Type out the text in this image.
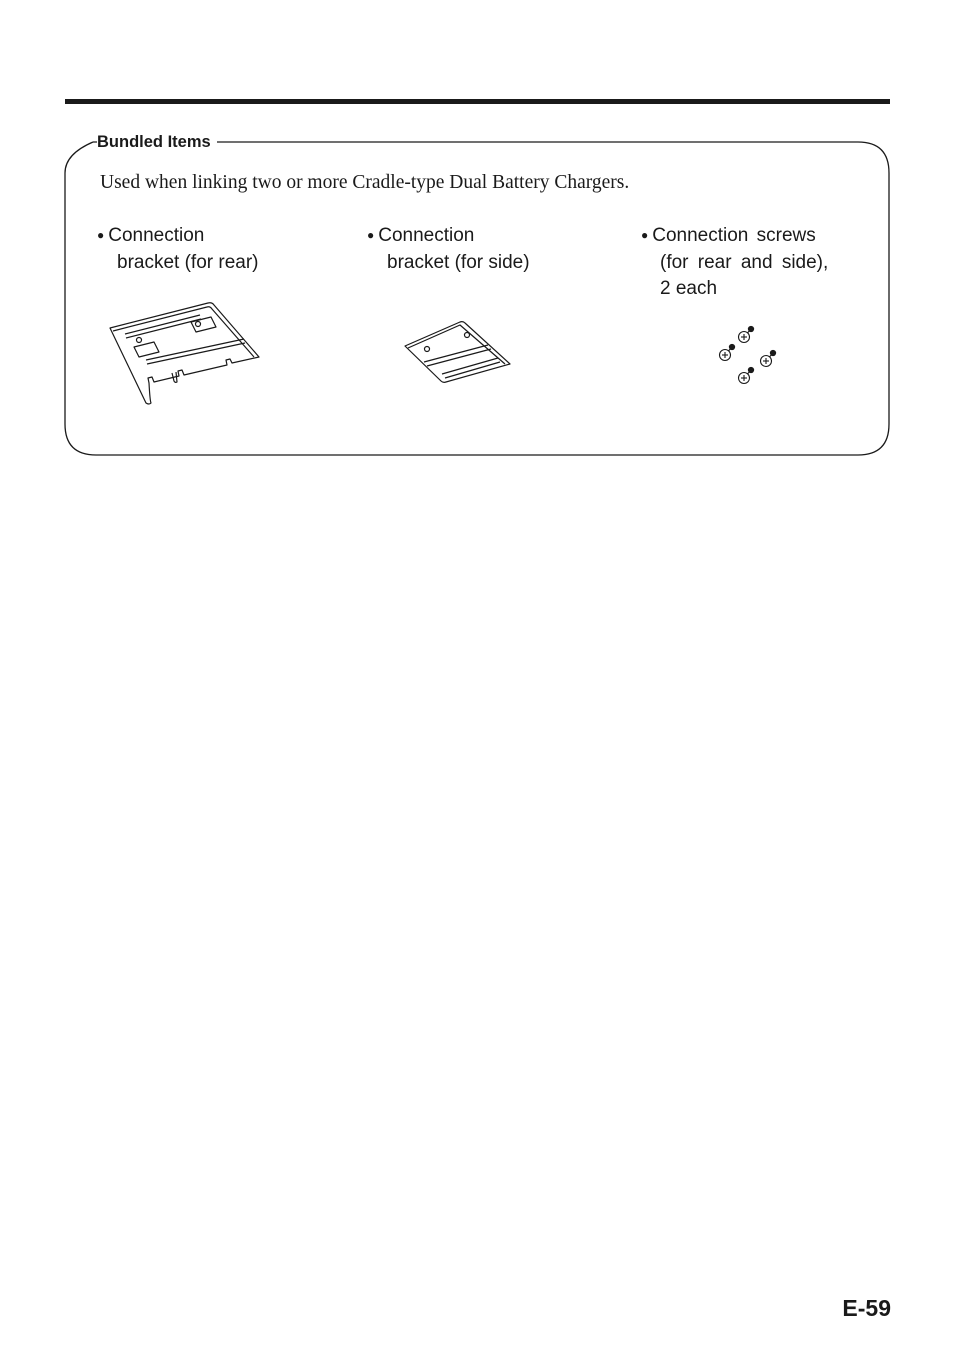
Bundled Items
Used when linking two or more Cradle-type Dual Battery Chargers.
● Connection
bracket (for rear)
● Connection
bracket (for side)
● Connection screws
(for rear and side),
2 each
E-59
